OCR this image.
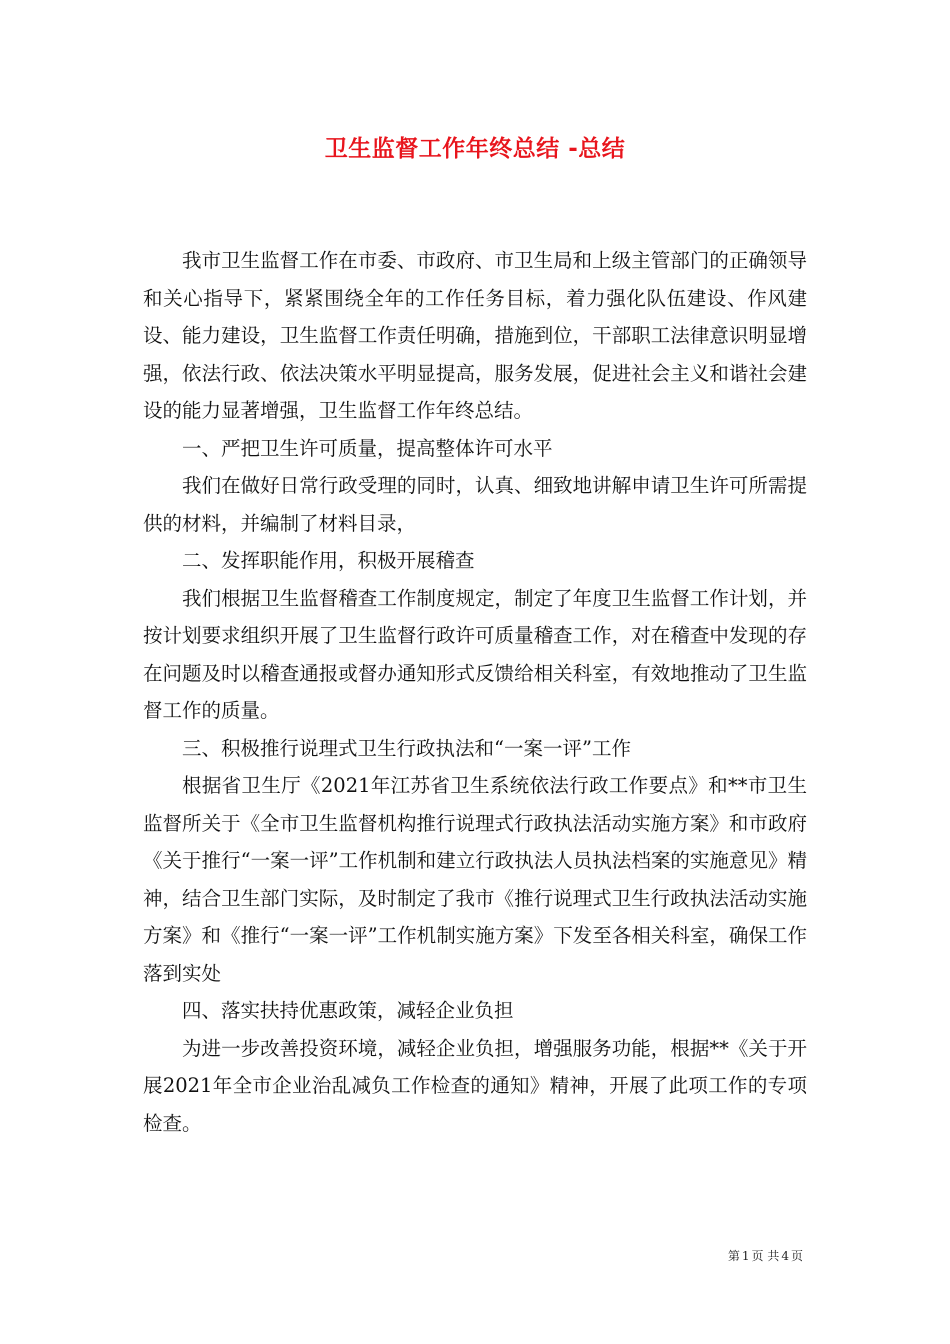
卫生监督工作年终总结 -总结

我市卫生监督工作在市委、市政府、市卫生局和上级主管部门的正确领导和关心指导下，紧紧围绕全年的工作任务目标，着力强化队伍建设、作风建设、能力建设，卫生监督工作责任明确，措施到位，干部职工法律意识明显增强，依法行政、依法决策水平明显提高，服务发展，促进社会主义和谐社会建设的能力显著增强，卫生监督工作年终总结。

一、严把卫生许可质量，提高整体许可水平

我们在做好日常行政受理的同时，认真、细致地讲解申请卫生许可所需提供的材料，并编制了材料目录，

二、发挥职能作用，积极开展稽查

我们根据卫生监督稽查工作制度规定，制定了年度卫生监督工作计划，并按计划要求组织开展了卫生监督行政许可质量稽查工作，对在稽查中发现的存在问题及时以稽查通报或督办通知形式反馈给相关科室，有效地推动了卫生监督工作的质量。

三、积极推行说理式卫生行政执法和“一案一评”工作

根据省卫生厅《2021年江苏省卫生系统依法行政工作要点》和**市卫生监督所关于《全市卫生监督机构推行说理式行政执法活动实施方案》和市政府《关于推行“一案一评”工作机制和建立行政执法人员执法档案的实施意见》精神，结合卫生部门实际，及时制定了我市《推行说理式卫生行政执法活动实施方案》和《推行“一案一评”工作机制实施方案》下发至各相关科室，确保工作落到实处

四、落实扶持优惠政策，减轻企业负担

为进一步改善投资环境，减轻企业负担，增强服务功能，根据**《关于开展2021年全市企业治乱减负工作检查的通知》精神，开展了此项工作的专项检查。

第 1 页 共 4 页
